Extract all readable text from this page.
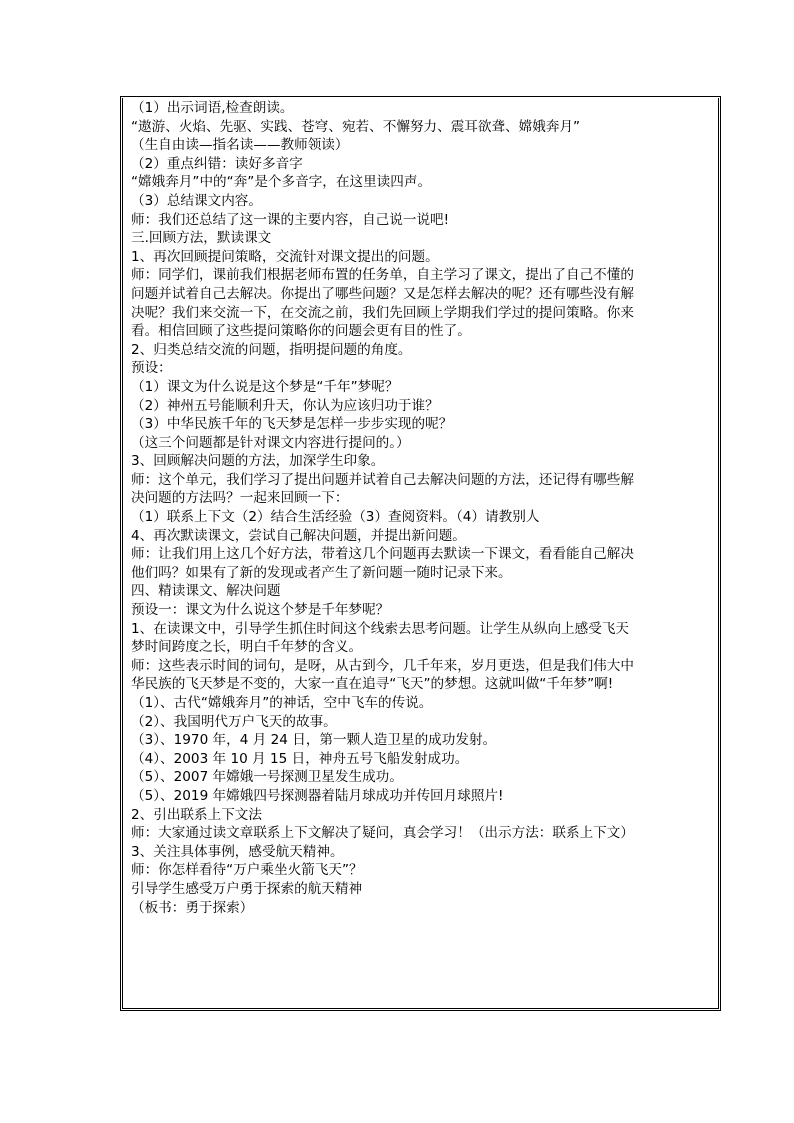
（1）出示词语,检查朗读。
“遨游、火焰、先驱、实践、苍穹、宛若、不懈努力、震耳欲聋、嫦娥奔月”
（生自由读—指名读——教师领读）
（2）重点纠错：读好多音字
“嫦娥奔月”中的“奔”是个多音字，在这里读四声。
（3）总结课文内容。
师：我们还总结了这一课的主要内容，自己说一说吧!
三.回顾方法，默读课文
1、再次回顾提问策略，交流针对课文提出的问题。
师：同学们，课前我们根据老师布置的任务单，自主学习了课文，提出了自己不懂的
问题并试着自己去解决。你提出了哪些问题？又是怎样去解决的呢？还有哪些没有解
决呢？我们来交流一下，在交流之前，我们先回顾上学期我们学过的提问策略。你来
看。相信回顾了这些提问策略你的问题会更有目的性了。
2、归类总结交流的问题，指明提问题的角度。
预设：
（1）课文为什么说是这个梦是“千年”梦呢？
（2）神州五号能顺利升天，你认为应该归功于谁？
（3）中华民族千年的飞天梦是怎样一步步实现的呢？
（这三个问题都是针对课文内容进行提问的。）
3、回顾解决问题的方法，加深学生印象。
师：这个单元，我们学习了提出问题并试着自己去解决问题的方法，还记得有哪些解
决问题的方法吗？一起来回顾一下：
（1）联系上下文（2）结合生活经验（3）查阅资料。（4）请教别人
4、再次默读课文，尝试自己解决问题，并提出新问题。
师：让我们用上这几个好方法，带着这几个问题再去默读一下课文，看看能自己解决
他们吗？如果有了新的发现或者产生了新问题一随时记录下来。
四、精读课文、解决问题
预设一：课文为什么说这个梦是千年梦呢？
1、在读课文中，引导学生抓住时间这个线索去思考问题。让学生从纵向上感受飞天
梦时间跨度之长，明白千年梦的含义。
师：这些表示时间的词句，是呀，从古到今，几千年来，岁月更迭，但是我们伟大中
华民族的飞天梦是不变的，大家一直在追寻“飞天”的梦想。这就叫做“千年梦”啊!
（1）、古代“嫦娥奔月”的神话，空中飞车的传说。
（2）、我国明代万户飞天的故事。
（3）、1970 年，4 月 24 日，第一颗人造卫星的成功发射。
（4）、2003 年 10 月 15 日，神舟五号飞船发射成功。
（5）、2007 年嫦娥一号探测卫星发生成功。
（5）、2019 年嫦娥四号探测器着陆月球成功并传回月球照片!
2、引出联系上下文法
师：大家通过读文章联系上下文解决了疑问，真会学习！（出示方法：联系上下文）
3、关注具体事例，感受航天精神。
师：你怎样看待“万户乘坐火箭飞天”？
引导学生感受万户勇于探索的航天精神
（板书：勇于探索）
